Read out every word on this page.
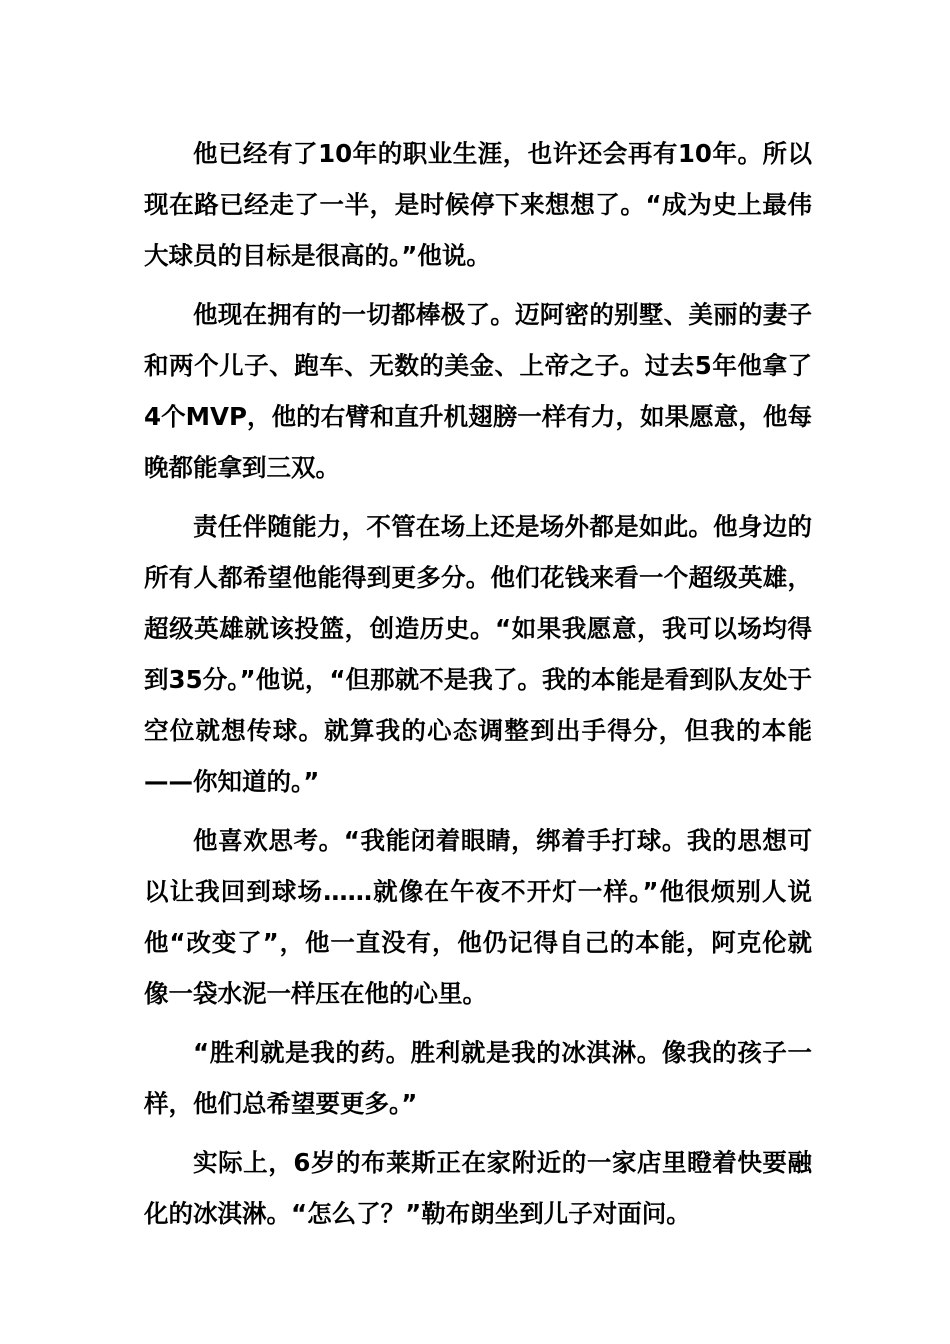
他已经有了10年的职业生涯，也许还会再有10年。所以现在路已经走了一半，是时候停下来想想了。“成为史上最伟大球员的目标是很高的。”他说。

他现在拥有的一切都棒极了。迈阿密的别墅、美丽的妻子和两个儿子、跑车、无数的美金、上帝之子。过去5年他拿了4个MVP，他的右臂和直升机翅膀一样有力，如果愿意，他每晚都能拿到三双。

责任伴随能力，不管在场上还是场外都是如此。他身边的所有人都希望他能得到更多分。他们花钱来看一个超级英雄，超级英雄就该投篮，创造历史。“如果我愿意，我可以场均得到35分。”他说，“但那就不是我了。我的本能是看到队友处于空位就想传球。就算我的心态调整到出手得分，但我的本能——你知道的。”

他喜欢思考。“我能闭着眼睛，绑着手打球。我的思想可以让我回到球场……就像在午夜不开灯一样。”他很烦别人说他“改变了”，他一直没有，他仍记得自己的本能，阿克伦就像一袋水泥一样压在他的心里。

“胜利就是我的药。胜利就是我的冰淇淋。像我的孩子一样，他们总希望要更多。”

实际上，6岁的布莱斯正在家附近的一家店里瞪着快要融化的冰淇淋。“怎么了？”勒布朗坐到儿子对面问。
